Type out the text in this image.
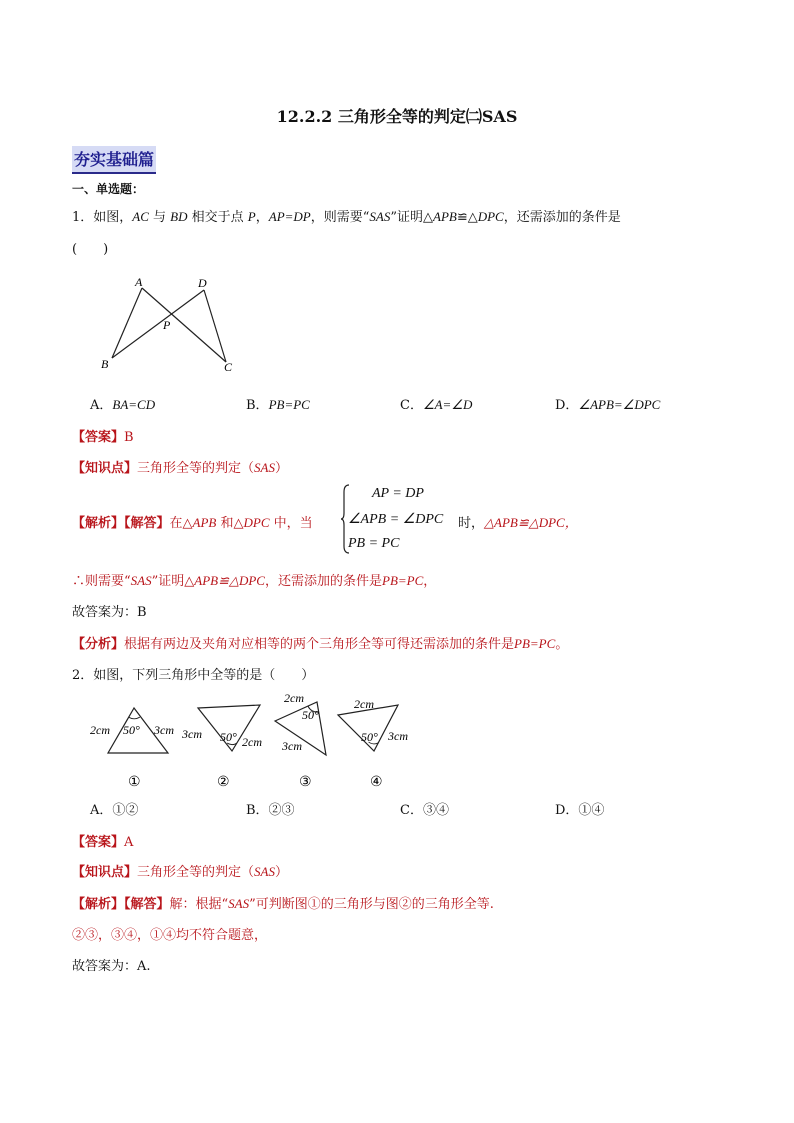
12.2.2 三角形全等的判定㈡SAS
夯实基础篇
一、单选题：
1．如图，AC 与 BD 相交于点 P，AP=DP，则需要“SAS”证明△APB≌△DPC，还需添加的条件是
(　　)
A	D
P
B	C
A．BA=CD	B．PB=PC	C．∠A=∠D	D．∠APB=∠DPC
【答案】B
【知识点】三角形全等的判定（SAS）
【解析】【解答】在△APB 和△DPC 中，当
AP = DP
∠APB = ∠DPC
PB = PC
时，△APB≌△DPC，
∴则需要“SAS”证明△APB≌△DPC，还需添加的条件是PB=PC，
故答案为：B
【分析】根据有两边及夹角对应相等的两个三角形全等可得还需添加的条件是PB=PC。
2．如图，下列三角形中全等的是（　　）
2cm 50° 3cm 3cm 50° 2cm
2cm
50°
3cm
2cm
50° 3cm
①	②	③	④
A．①②	B．②③	C．③④	D．①④
【答案】A
【知识点】三角形全等的判定（SAS）
【解析】【解答】解：根据“SAS”可判断图①的三角形与图②的三角形全等.
②③，③④，①④均不符合题意，
故答案为：A.
